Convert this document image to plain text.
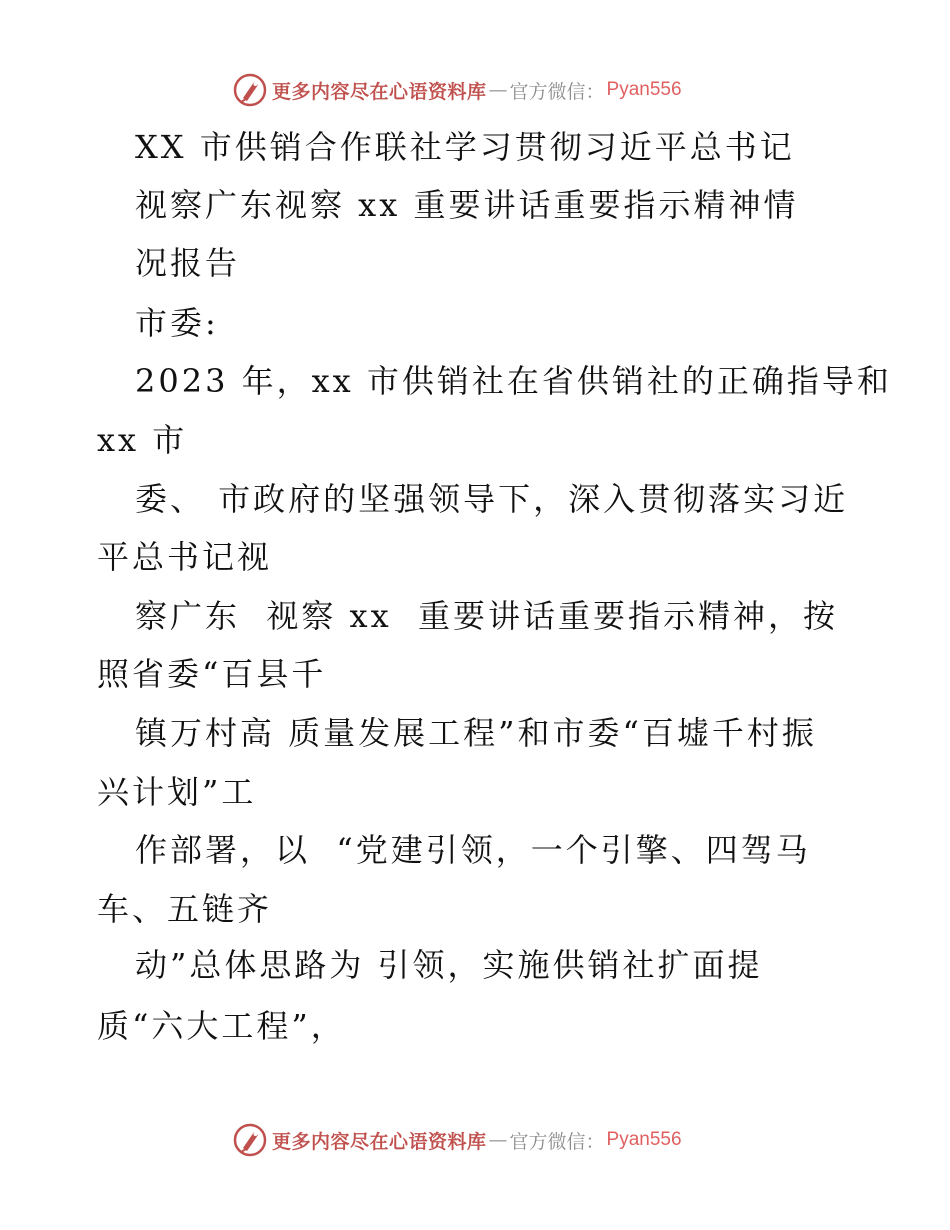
更多内容尽在心语资料库 — 官方微信： Pyan556
XX 市供销合作联社学习贯彻习近平总书记
视察广东视察 xx 重要讲话重要指示精神情
况报告
市委:
2023 年，xx 市供销社在省供销社的正确指导和
xx 市
委、 市政府的坚强领导下，深入贯彻落实习近
平总书记视
察广东  视察 xx  重要讲话重要指示精神，按
照省委“百县千
镇万村高 质量发展工程”和市委“百墟千村振
兴计划”工
作部署，以  “党建引领，一个引擎、四驾马
车、五链齐
动”总体思路为 引领，实施供销社扩面提
质“六大工程”，
更多内容尽在心语资料库 — 官方微信： Pyan556
